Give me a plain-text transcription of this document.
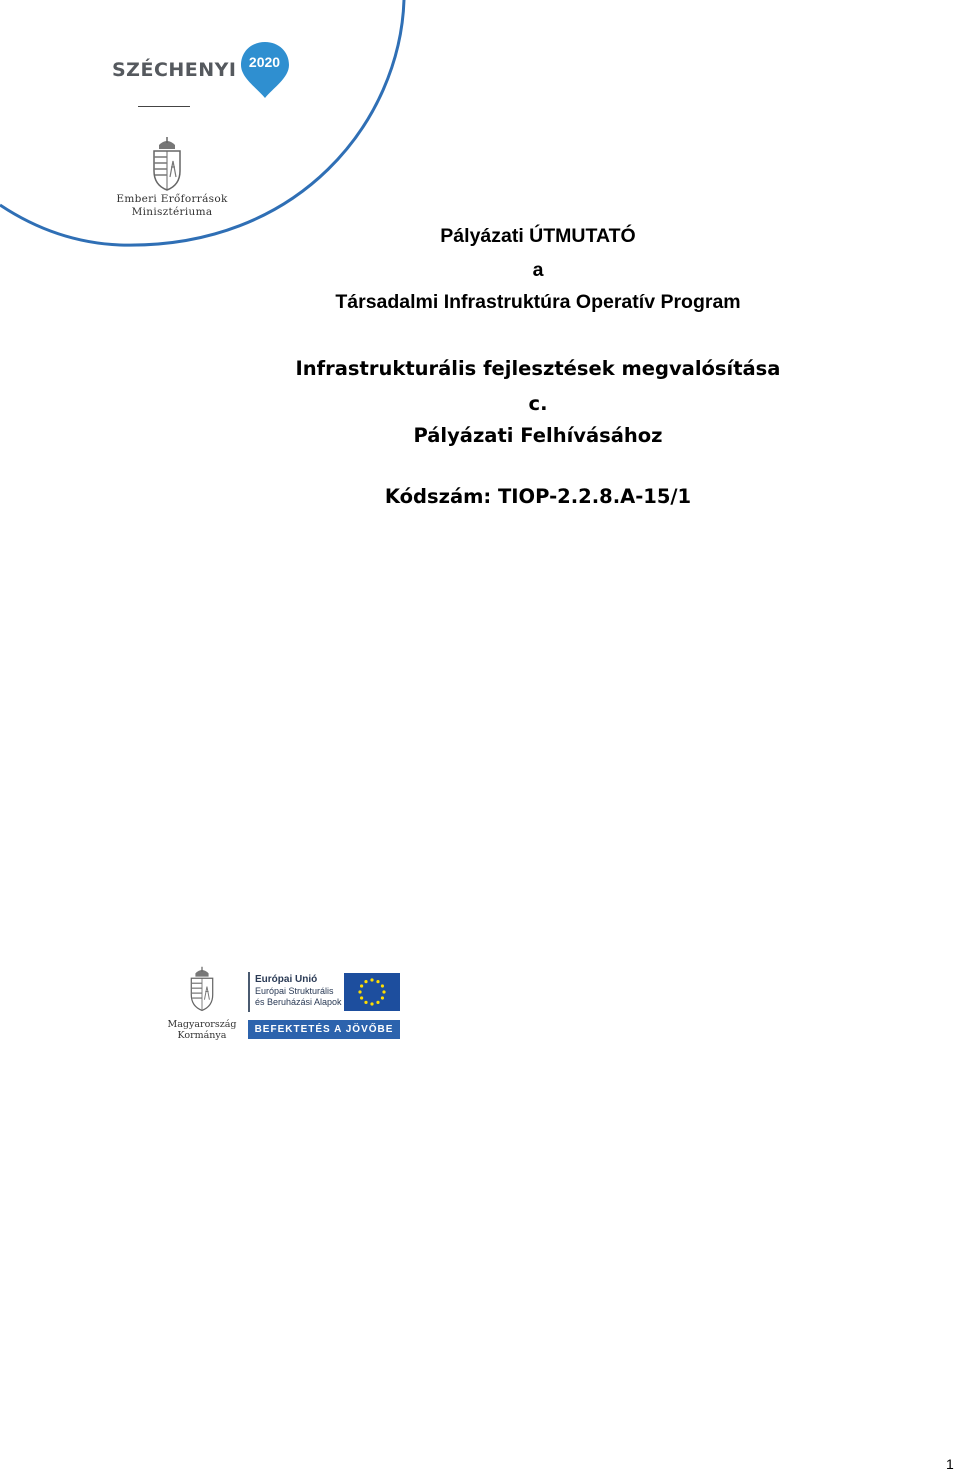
SZÉCHENYI 2020
Emberi Erőforrások
Minisztériuma
Pályázati ÚTMUTATÓ
a
Társadalmi Infrastruktúra Operatív Program
Infrastrukturális fejlesztések megvalósítása
c.
Pályázati Felhívásához
Kódszám: TIOP-2.2.8.A-15/1
Magyarország
Kormánya
Európai Unió
Európai Strukturális
és Beruházási Alapok
BEFEKTETÉS A JÖVŐBE
1
